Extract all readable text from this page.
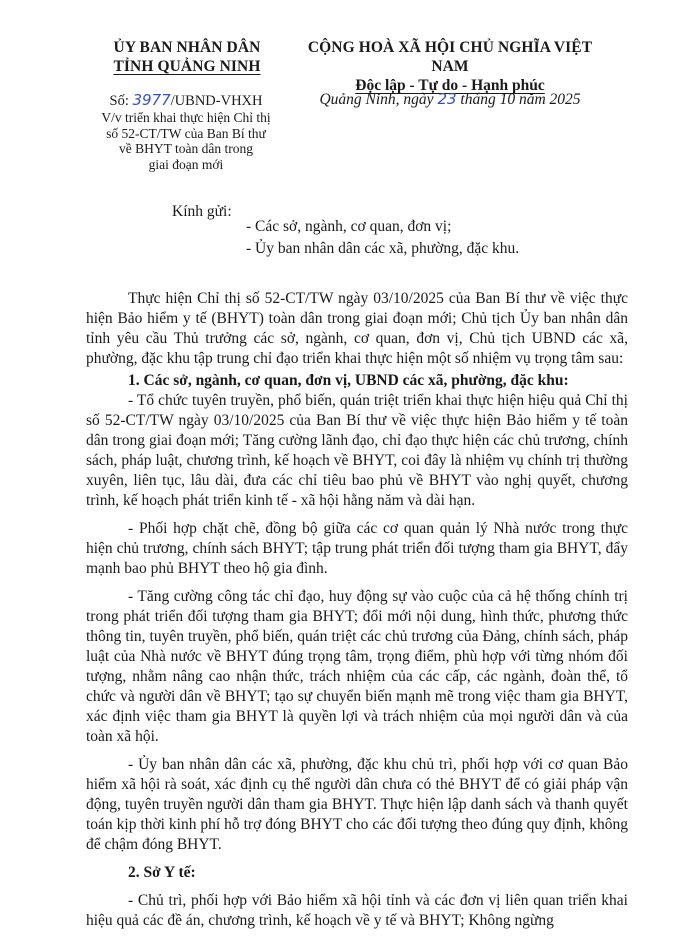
ỦY BAN NHÂN DÂN
TỈNH QUẢNG NINH
CỘNG HOÀ XÃ HỘI CHỦ NGHĨA VIỆT NAM
Độc lập - Tự do - Hạnh phúc
Số: 3977/UBND-VHXH
V/v triển khai thực hiện Chỉ thị
số 52-CT/TW của Ban Bí thư
về BHYT toàn dân trong
giai đoạn mới
Quảng Ninh, ngày 23 tháng 10 năm 2025
Kính gửi:
- Các sở, ngành, cơ quan, đơn vị;
- Ủy ban nhân dân các xã, phường, đặc khu.

Thực hiện Chỉ thị số 52-CT/TW ngày 03/10/2025 của Ban Bí thư về việc thực hiện Bảo hiểm y tế (BHYT) toàn dân trong giai đoạn mới; Chủ tịch Ủy ban nhân dân tỉnh yêu cầu Thủ trưởng các sở, ngành, cơ quan, đơn vị, Chủ tịch UBND các xã, phường, đặc khu tập trung chỉ đạo triển khai thực hiện một số nhiệm vụ trọng tâm sau:

1. Các sở, ngành, cơ quan, đơn vị, UBND các xã, phường, đặc khu:

- Tổ chức tuyên truyền, phổ biến, quán triệt triển khai thực hiện hiệu quả Chỉ thị số 52-CT/TW ngày 03/10/2025 của Ban Bí thư về việc thực hiện Bảo hiểm y tế toàn dân trong giai đoạn mới; Tăng cường lãnh đạo, chỉ đạo thực hiện các chủ trương, chính sách, pháp luật, chương trình, kế hoạch về BHYT, coi đây là nhiệm vụ chính trị thường xuyên, liên tục, lâu dài, đưa các chỉ tiêu bao phủ về BHYT vào nghị quyết, chương trình, kế hoạch phát triển kinh tế - xã hội hằng năm và dài hạn.

- Phối hợp chặt chẽ, đồng bộ giữa các cơ quan quản lý Nhà nước trong thực hiện chủ trương, chính sách BHYT; tập trung phát triển đối tượng tham gia BHYT, đẩy mạnh bao phủ BHYT theo hộ gia đình.

- Tăng cường công tác chỉ đạo, huy động sự vào cuộc của cả hệ thống chính trị trong phát triển đối tượng tham gia BHYT; đổi mới nội dung, hình thức, phương thức thông tin, tuyên truyền, phổ biến, quán triệt các chủ trương của Đảng, chính sách, pháp luật của Nhà nước về BHYT đúng trọng tâm, trọng điểm, phù hợp với từng nhóm đối tượng, nhằm nâng cao nhận thức, trách nhiệm của các cấp, các ngành, đoàn thể, tổ chức và người dân về BHYT; tạo sự chuyển biến mạnh mẽ trong việc tham gia BHYT, xác định việc tham gia BHYT là quyền lợi và trách nhiệm của mọi người dân và của toàn xã hội.

- Ủy ban nhân dân các xã, phường, đặc khu chủ trì, phối hợp với cơ quan Bảo hiểm xã hội rà soát, xác định cụ thể người dân chưa có thẻ BHYT để có giải pháp vận động, tuyên truyền người dân tham gia BHYT. Thực hiện lập danh sách và thanh quyết toán kịp thời kinh phí hỗ trợ đóng BHYT cho các đối tượng theo đúng quy định, không để chậm đóng BHYT.

2. Sở Y tế:

- Chủ trì, phối hợp với Bảo hiểm xã hội tỉnh và các đơn vị liên quan triển khai hiệu quả các đề án, chương trình, kế hoạch về y tế và BHYT; Không ngừng
